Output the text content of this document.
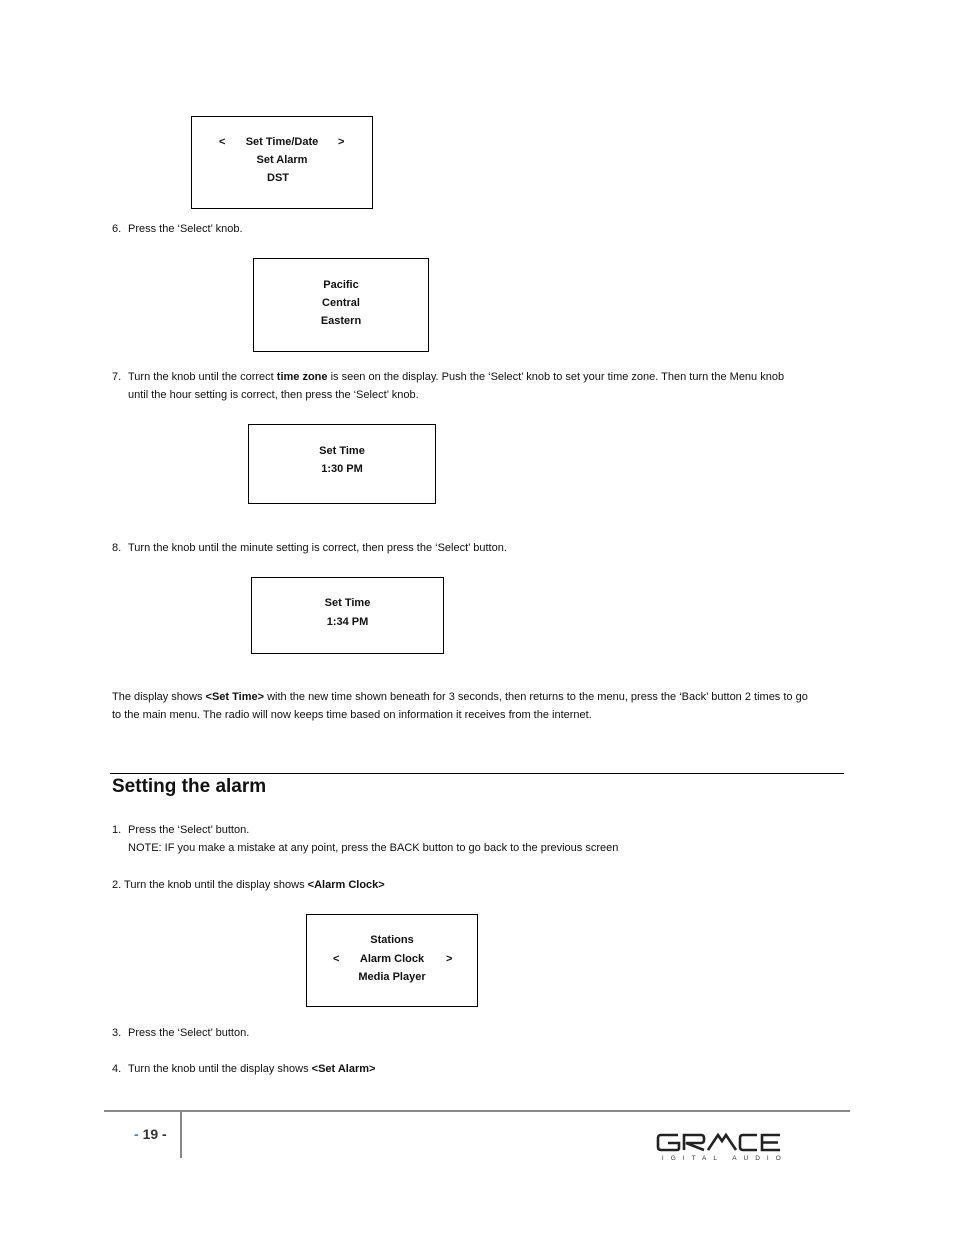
<	Set Time/Date	>
Set Alarm
DST
6. Press the ‘Select’ knob.
Pacific
Central
Eastern
7. Turn the knob until the correct time zone is seen on the display. Push the ‘Select’ knob to set your time zone. Then turn the Menu knob
until the hour setting is correct, then press the ‘Select’ knob.
Set Time
1:30 PM
8. Turn the knob until the minute setting is correct, then press the ‘Select’ button.
Set Time
1:34 PM
The display shows <Set Time> with the new time shown beneath for 3 seconds, then returns to the menu, press the ‘Back’ button 2 times to go
to the main menu. The radio will now keeps time based on information it receives from the internet.
Setting the alarm
1. Press the ‘Select’ button.
NOTE: IF you make a mistake at any point, press the BACK button to go back to the previous screen
2. Turn the knob until the display shows <Alarm Clock>
Stations
<	Alarm Clock	>
Media Player
3. Press the ‘Select’ button.
4. Turn the knob until the display shows <Set Alarm>
- 19 -
DIGITAL AUDIO
